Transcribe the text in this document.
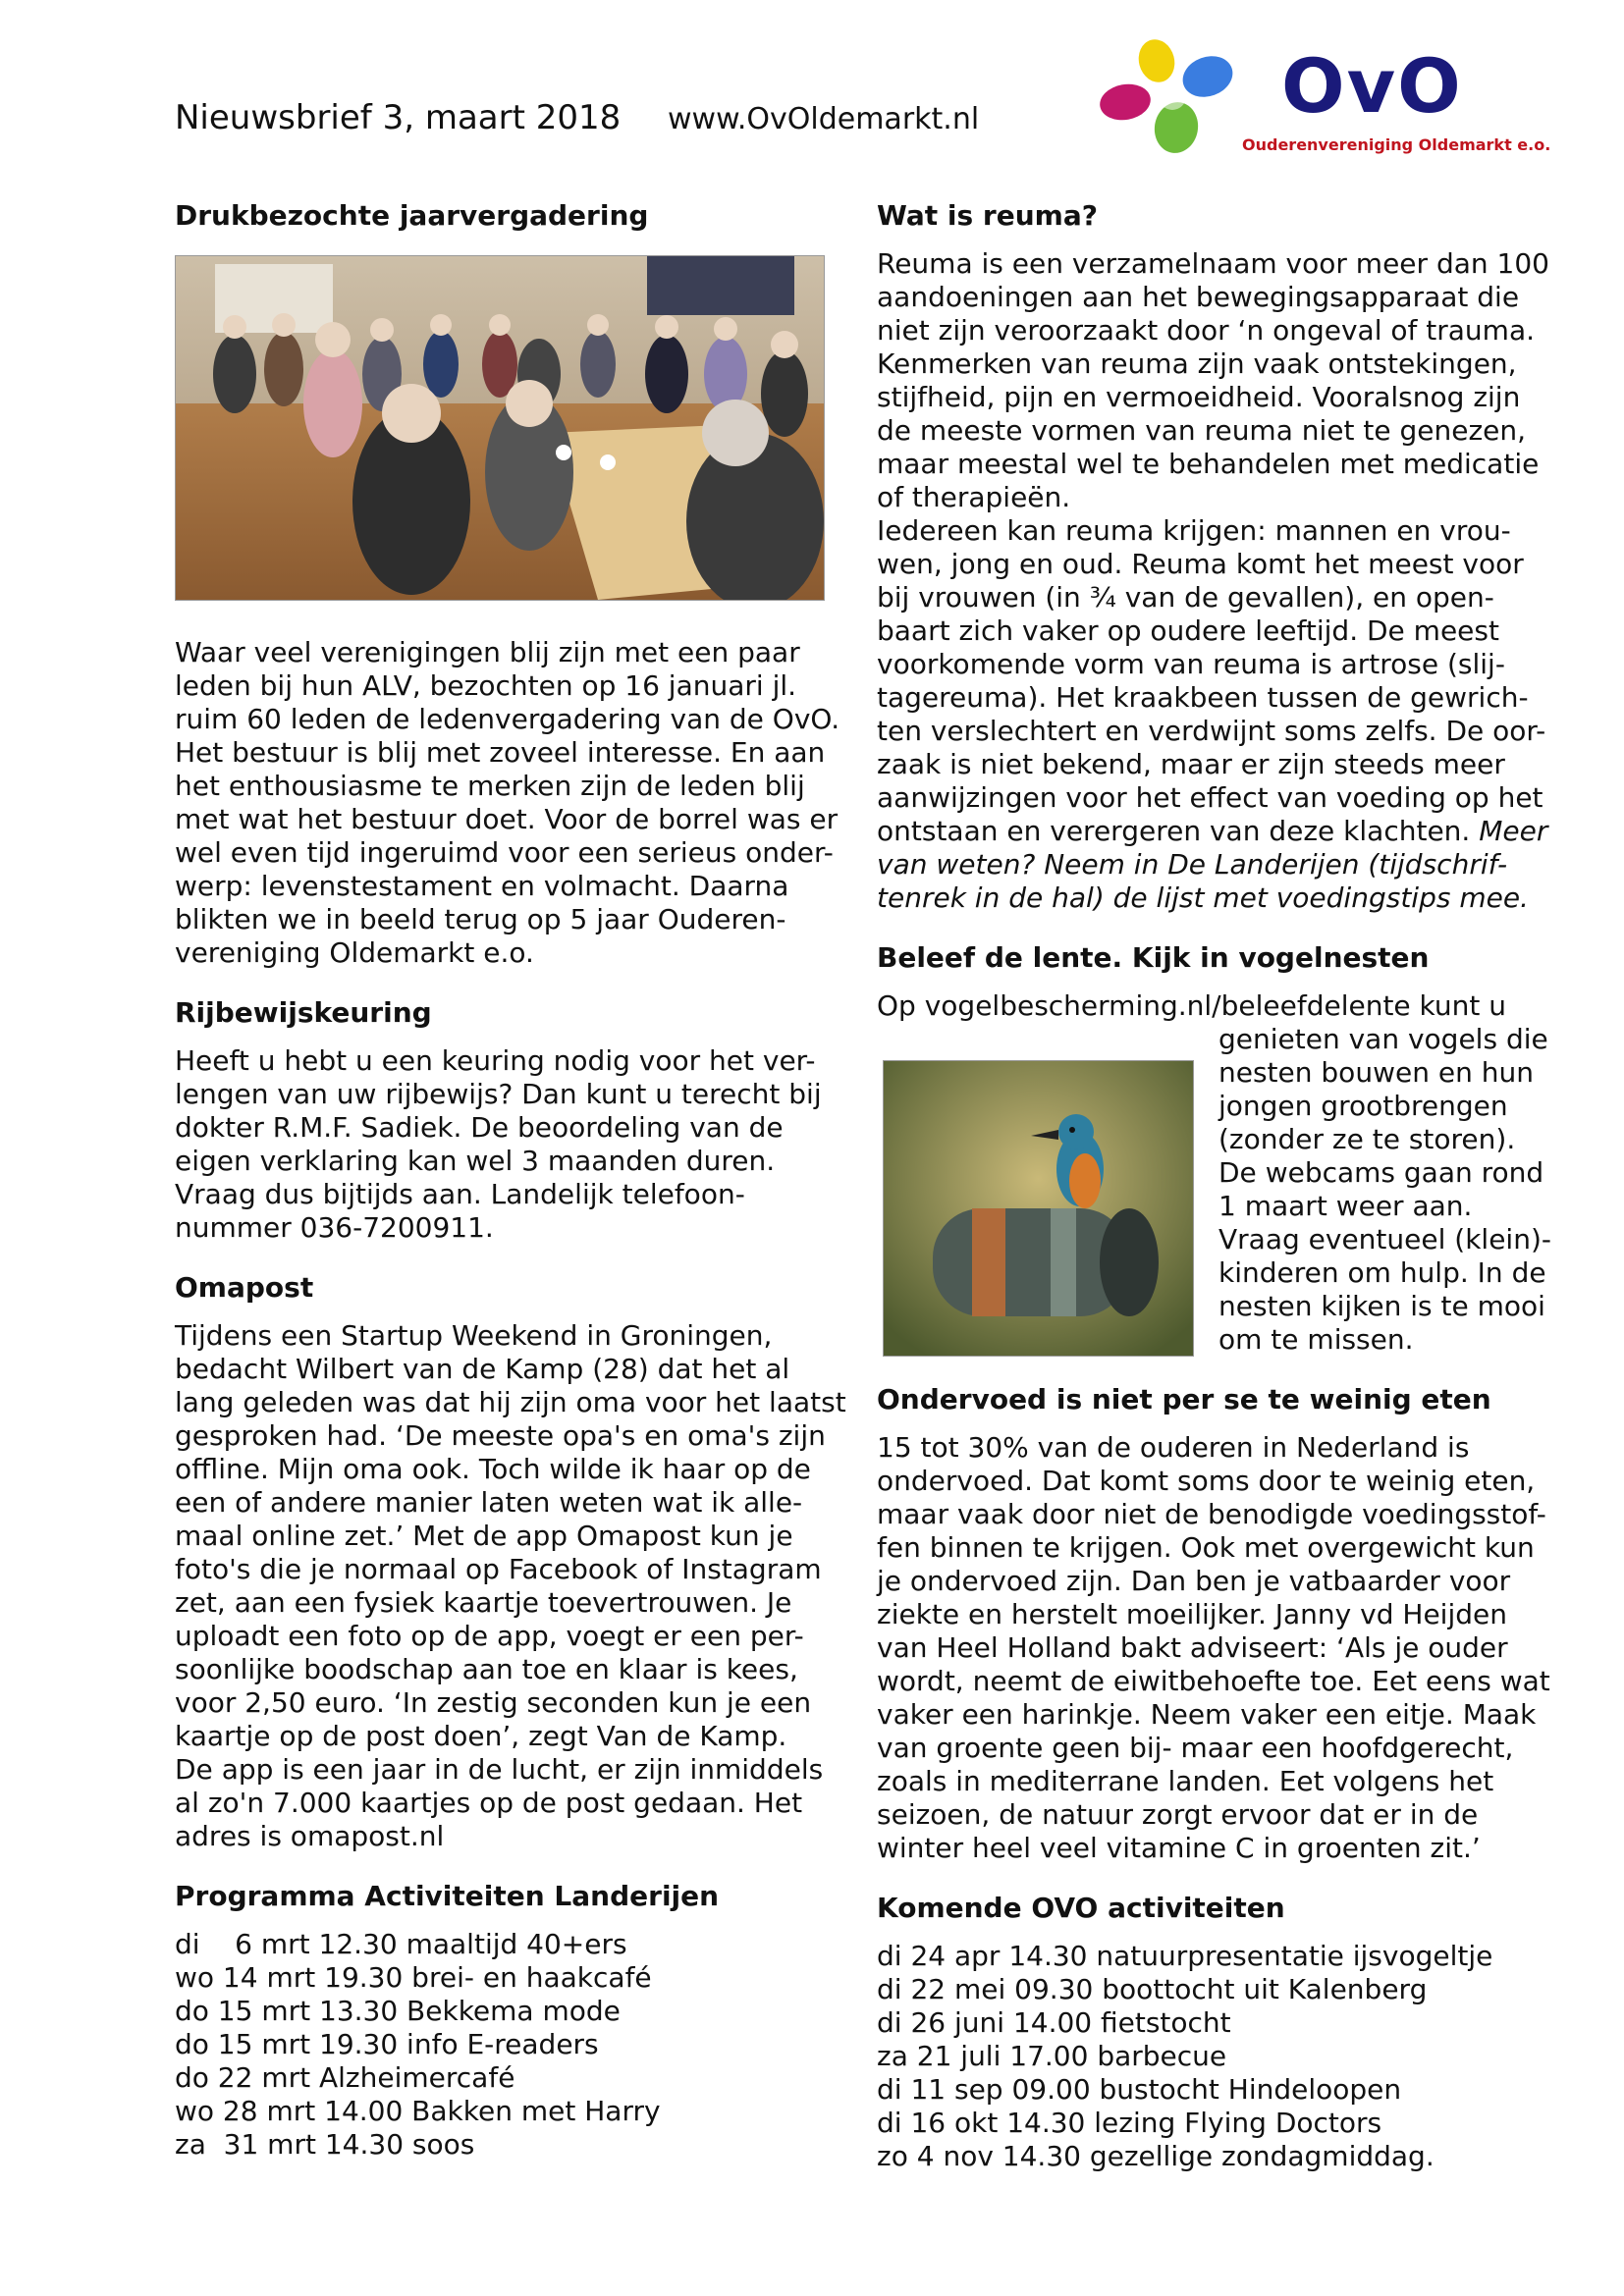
Nieuwsbrief 3, maart 2018 www.OvOldemarkt.nl	OvO
Ouderenvereniging Oldemarkt e.o.
Drukbezochte jaarvergadering
Waar veel verenigingen blij zijn met een paar
leden bij hun ALV, bezochten op 16 januari jl.
ruim 60 leden de ledenvergadering van de OvO.
Het bestuur is blij met zoveel interesse. En aan
het enthousiasme te merken zijn de leden blij
met wat het bestuur doet. Voor de borrel was er
wel even tijd ingeruimd voor een serieus onder-
werp: levenstestament en volmacht. Daarna
blikten we in beeld terug op 5 jaar Ouderen-
vereniging Oldemarkt e.o.
Rijbewijskeuring
Heeft u hebt u een keuring nodig voor het ver-
lengen van uw rijbewijs? Dan kunt u terecht bij
dokter R.M.F. Sadiek. De beoordeling van de
eigen verklaring kan wel 3 maanden duren.
Vraag dus bijtijds aan. Landelijk telefoon-
nummer 036-7200911.
Omapost
Tijdens een Startup Weekend in Groningen,
bedacht Wilbert van de Kamp (28) dat het al
lang geleden was dat hij zijn oma voor het laatst
gesproken had. ‘De meeste opa's en oma's zijn
offline. Mijn oma ook. Toch wilde ik haar op de
een of andere manier laten weten wat ik alle-
maal online zet.’ Met de app Omapost kun je
foto's die je normaal op Facebook of Instagram
zet, aan een fysiek kaartje toevertrouwen. Je
uploadt een foto op de app, voegt er een per-
soonlijke boodschap aan toe en klaar is kees,
voor 2,50 euro. ‘In zestig seconden kun je een
kaartje op de post doen’, zegt Van de Kamp.
De app is een jaar in de lucht, er zijn inmiddels
al zo'n 7.000 kaartjes op de post gedaan. Het
adres is omapost.nl
Programma Activiteiten Landerijen
di    6 mrt 12.30 maaltijd 40+ers
wo 14 mrt 19.30 brei- en haakcafé
do 15 mrt 13.30 Bekkema mode
do 15 mrt 19.30 info E-readers
do 22 mrt Alzheimercafé
wo 28 mrt 14.00 Bakken met Harry
za  31 mrt 14.30 soos
Wat is reuma?
Reuma is een verzamelnaam voor meer dan 100
aandoeningen aan het bewegingsapparaat die
niet zijn veroorzaakt door ‘n ongeval of trauma.
Kenmerken van reuma zijn vaak ontstekingen,
stijfheid, pijn en vermoeidheid. Vooralsnog zijn
de meeste vormen van reuma niet te genezen,
maar meestal wel te behandelen met medicatie
of therapieën.
Iedereen kan reuma krijgen: mannen en vrou-
wen, jong en oud. Reuma komt het meest voor
bij vrouwen (in ¾ van de gevallen), en open-
baart zich vaker op oudere leeftijd. De meest
voorkomende vorm van reuma is artrose (slij-
tagereuma). Het kraakbeen tussen de gewrich-
ten verslechtert en verdwijnt soms zelfs. De oor-
zaak is niet bekend, maar er zijn steeds meer
aanwijzingen voor het effect van voeding op het
ontstaan en verergeren van deze klachten. Meer
van weten? Neem in De Landerijen (tijdschrif-
tenrek in de hal) de lijst met voedingstips mee.
Beleef de lente. Kijk in vogelnesten
Op vogelbescherming.nl/beleefdelente kunt u
genieten van vogels die
nesten bouwen en hun
jongen grootbrengen
(zonder ze te storen).
De webcams gaan rond
1 maart weer aan.
Vraag eventueel (klein)-
kinderen om hulp. In de
nesten kijken is te mooi
om te missen.
Ondervoed is niet per se te weinig eten
15 tot 30% van de ouderen in Nederland is
ondervoed. Dat komt soms door te weinig eten,
maar vaak door niet de benodigde voedingsstof-
fen binnen te krijgen. Ook met overgewicht kun
je ondervoed zijn. Dan ben je vatbaarder voor
ziekte en herstelt moeilijker. Janny vd Heijden
van Heel Holland bakt adviseert: ‘Als je ouder
wordt, neemt de eiwitbehoefte toe. Eet eens wat
vaker een harinkje. Neem vaker een eitje. Maak
van groente geen bij- maar een hoofdgerecht,
zoals in mediterrane landen. Eet volgens het
seizoen, de natuur zorgt ervoor dat er in de
winter heel veel vitamine C in groenten zit.’
Komende OVO activiteiten
di 24 apr 14.30 natuurpresentatie ijsvogeltje
di 22 mei 09.30 boottocht uit Kalenberg
di 26 juni 14.00 fietstocht
za 21 juli 17.00 barbecue
di 11 sep 09.00 bustocht Hindeloopen
di 16 okt 14.30 lezing Flying Doctors
zo 4 nov 14.30 gezellige zondagmiddag.
